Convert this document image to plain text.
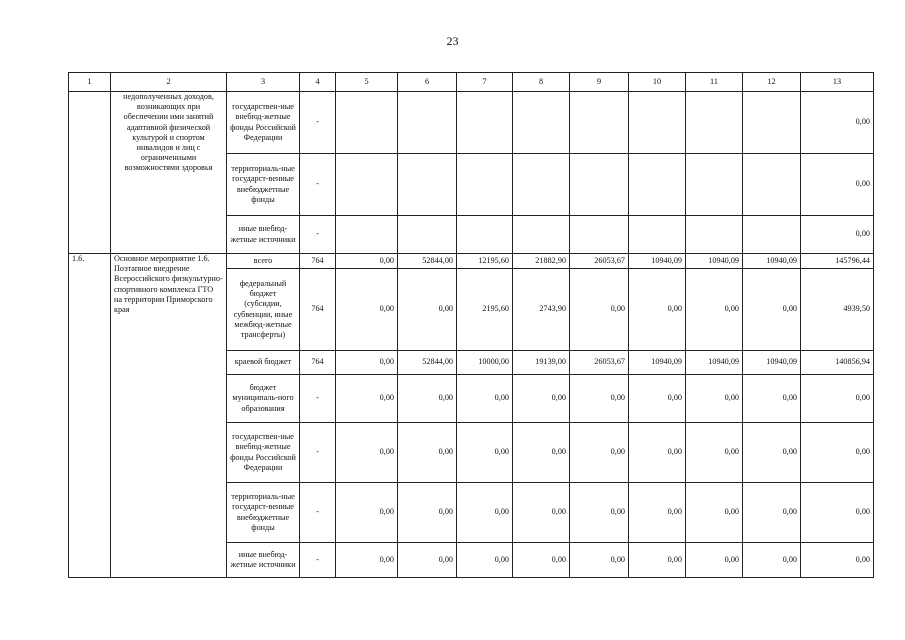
23
1	2	3	4	5	6	7	8	9	10	11	12	13
	недополученных доходов, возникающих при обеспечении ими занятий адаптивной физической культурой и спортом инвалидов и лиц с ограниченными возможностями здоровья	государствен-ные внебюд-жетные фонды Российской Федерации	-									0,00
		территориаль-ные государст-венные внебюджетные фонды	-									0,00
		иные внебюд-жетные источники	-									0,00
1.6.	Основное мероприятие 1.6. Поэтапное внедрение Всероссийского физкультурно-спортивного комплекса ГТО на территории Приморского края	всего	764	0,00	52844,00	12195,60	21882,90	26053,67	10940,09	10940,09	10940,09	145796,44
		федеральный бюджет (субсидии, субвенции, иные межбюд-жетные трансферты)	764	0,00	0,00	2195,60	2743,90	0,00	0,00	0,00	0,00	4939,50
		краевой бюджет	764	0,00	52844,00	10000,00	19139,00	26053,67	10940,09	10940,09	10940,09	140856,94
		бюджет муниципаль-ного образования	-	0,00	0,00	0,00	0,00	0,00	0,00	0,00	0,00	0,00
		государствен-ные внебюд-жетные фонды Российской Федерации	-	0,00	0,00	0,00	0,00	0,00	0,00	0,00	0,00	0,00
		территориаль-ные государст-венные внебюджетные фонды	-	0,00	0,00	0,00	0,00	0,00	0,00	0,00	0,00	0,00
		иные внебюд-жетные источники	-	0,00	0,00	0,00	0,00	0,00	0,00	0,00	0,00	0,00
